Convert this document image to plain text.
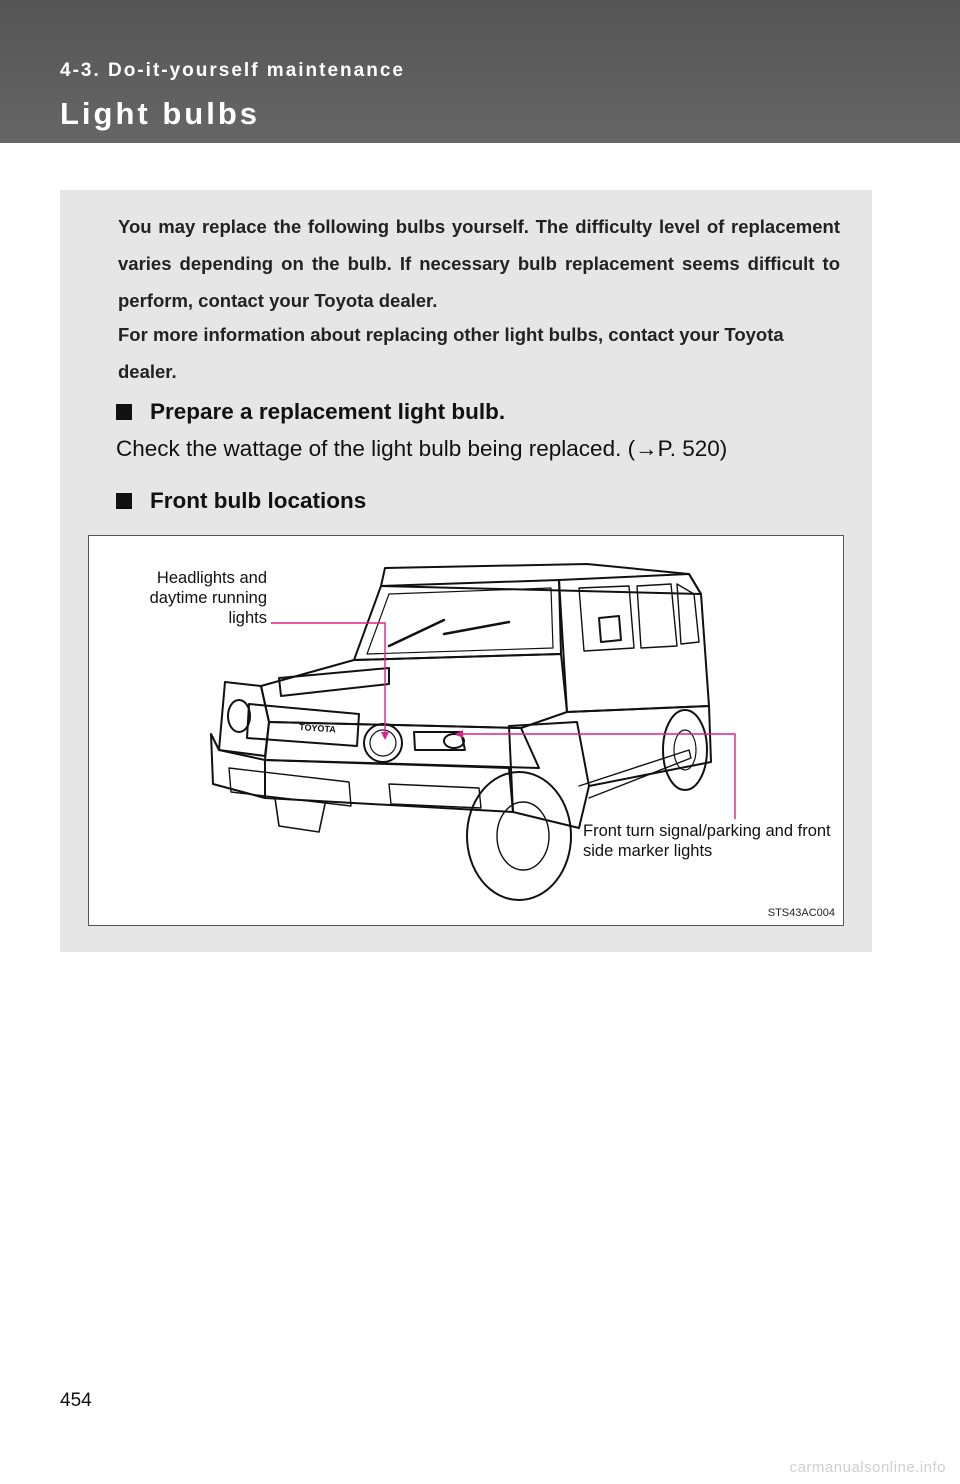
4-3. Do-it-yourself maintenance
Light bulbs

You may replace the following bulbs yourself. The difficulty level of replacement varies depending on the bulb. If necessary bulb replacement seems difficult to perform, contact your Toyota dealer.

For more information about replacing other light bulbs, contact your Toyota dealer.

Prepare a replacement light bulb.
Check the wattage of the light bulb being replaced. (→P. 520)
Front bulb locations
TOYOTA
Headlights and daytime running lights
Front turn signal/parking and front side marker lights
STS43AC004
454
carmanualsonline.info
